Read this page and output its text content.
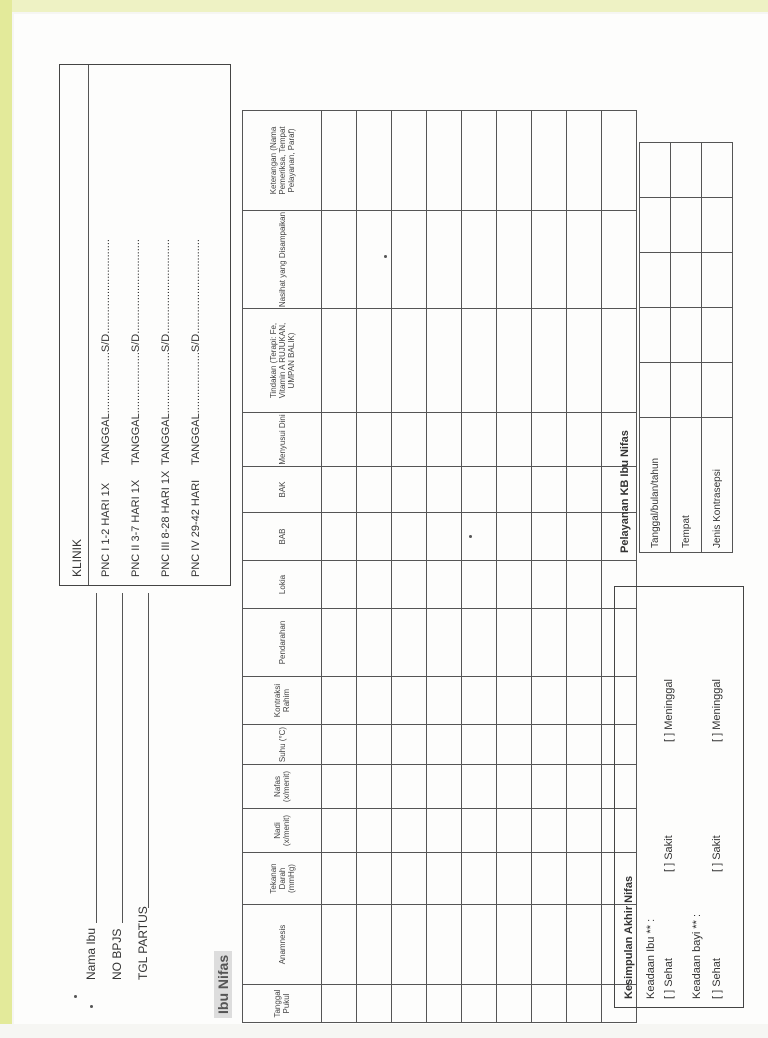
Nama Ibu NO BPJS TGL PARTUS
KLINIK PNC I 1-2 HARI 1X
TANGGAL....................S/D...............................
PNC II 3-7 HARI 1X
TANGGAL....................S/D...............................
PNC III 8-28 HARI 1X
TANGGAL....................S/D...............................
PNC IV 29-42 HARI
TANGGAL....................S/D...............................
Ibu Nifas	Tanggal Pukul	Anamnesis	Tekanan Darah (mmHg)	Nadi (x/menit)	Nafas (x/menit)	Suhu (°C)	Kontraksi Rahim	Pendarahan	Lokia	BAB	BAK	Menyusui Dini	Tindakan (Terapi: Fe, Vitamin A RUJUKAN, UMPAN BALIK)	Nasihat yang Disampaikan	Keterangan (Nama Pemeriksa, Tempat Pelayanan, Paraf)

Kesimpulan Akhir Nifas Keadaan Ibu ** : [ ] Sehat
[ ] Sakit
[ ] Meninggal
Keadaan bayi ** : [ ] Sehat
[ ] Sakit
[ ] Meninggal
Pelayanan KB Ibu Nifas Tanggal/bulan/tahun					
Tempat					
Jenis Kontrasepsi					
